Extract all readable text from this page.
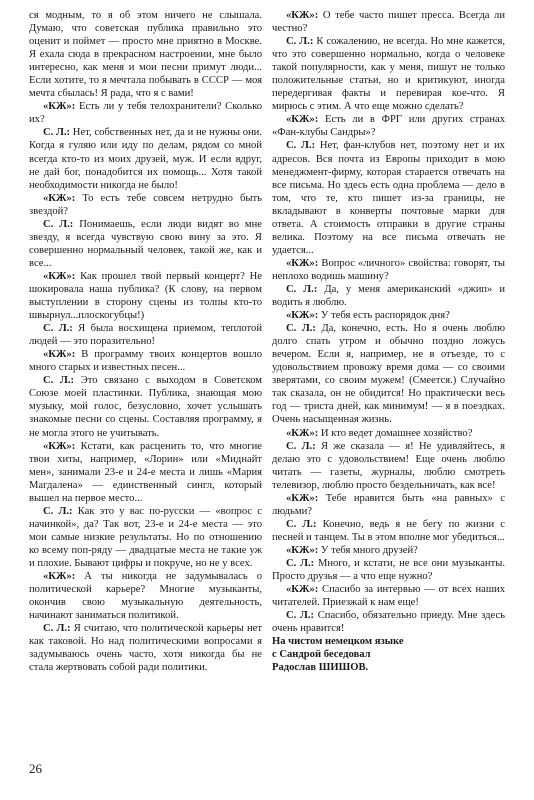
ся модным, то я об этом ничего не слышала. Думаю, что советская публика правильно это оценит и поймет — просто мне приятно в Москве. Я ехала сюда в прекрасном настроении, мне было интересно, как меня и мои песни примут люди... Если хотите, то я мечтала побывать в СССР — моя мечта сбылась! Я рада, что я с вами!

«КЖ»: Есть ли у тебя телохранители? Сколько их?

С. Л.: Нет, собственных нет, да и не нужны они. Когда я гуляю или иду по делам, рядом со мной всегда кто-то из моих друзей, муж. И если вдруг, не дай бог, понадобится их помощь... Хотя такой необходимости никогда не было!

«КЖ»: То есть тебе совсем нетрудно быть звездой?

С. Л.: Понимаешь, если люди видят во мне звезду, я всегда чувствую свою вину за это. Я совершенно нормальный человек, такой же, как и все...

«КЖ»: Как прошел твой первый концерт? Не шокировала наша публика? (К слову, на первом выступлении в сторону сцены из толпы кто-то швырнул...плоскогубцы!)

С. Л.: Я была восхищена приемом, теплотой людей — это поразительно!

«КЖ»: В программу твоих концертов вошло много старых и известных песен...

С. Л.: Это связано с выходом в Советском Союзе моей пластинки. Публика, знающая мою музыку, мой голос, безусловно, хочет услышать знакомые песни со сцены. Составляя программу, я не могла этого не учитывать.

«КЖ»: Кстати, как расценить то, что многие твои хиты, например, «Лорин» или «Миднайт мен», занимали 23-е и 24-е места и лишь «Мария Магдалена» — единственный сингл, который вышел на первое место...

С. Л.: Как это у вас по-русски — «вопрос с начинкой», да? Так вот, 23-е и 24-е места — это мои самые низкие результаты. Но по отношению ко всему поп-ряду — двадцатые места не такие уж и плохие. Бывают цифры и покруче, но не у всех.

«КЖ»: А ты никогда не задумывалась о политической карьере? Многие музыканты, окончив свою музыкальную деятельность, начинают заниматься политикой.

С. Л.: Я считаю, что политической карьеры нет как таковой. Но над политическими вопросами я задумываюсь очень часто, хотя никогда бы не стала жертвовать собой ради политики.

«КЖ»: О тебе часто пишет пресса. Всегда ли честно?

С. Л.: К сожалению, не всегда. Но мне кажется, что это совершенно нормально, когда о человеке такой популярности, как у меня, пишут не только положительные статьи, но и критикуют, иногда передергивая факты и перевирая кое-что. Я мирюсь с этим. А что еще можно сделать?

«КЖ»: Есть ли в ФРГ или других странах «Фан-клубы Сандры»?

С. Л.: Нет, фан-клубов нет, поэтому нет и их адресов. Вся почта из Европы приходит в мою менеджмент-фирму, которая старается отвечать на все письма. Но здесь есть одна проблема — дело в том, что те, кто пишет из-за границы, не вкладывают в конверты почтовые марки для ответа. А стоимость отправки в другие страны велика. Поэтому на все письма отвечать не удается...

«КЖ»: Вопрос «личного» свойства: говорят, ты неплохо водишь машину?

С. Л.: Да, у меня американский «джип» и водить я люблю.

«КЖ»: У тебя есть распорядок дня?

С. Л.: Да, конечно, есть. Но я очень люблю долго спать утром и обычно поздно ложусь вечером. Если я, например, не в отъезде, то с удовольствием провожу время дома — со своими зверятами, со своим мужем! (Смеется.) Случайно так сказала, он не обидится! Но практически весь год — триста дней, как минимум! — я в поездках. Очень насыщенная жизнь.

«КЖ»: И кто ведет домашнее хозяйство?

С. Л.: Я же сказала — я! Не удивляйтесь, я делаю это с удовольствием! Еще очень люблю читать — газеты, журналы, люблю смотреть телевизор, люблю просто бездельничать, как все!

«КЖ»: Тебе нравится быть «на равных» с людьми?

С. Л.: Конечно, ведь я не бегу по жизни с песней и танцем. Ты в этом вполне мог убедиться...

«КЖ»: У тебя много друзей?

С. Л.: Много, и кстати, не все они музыканты. Просто друзья — а что еще нужно?

«КЖ»: Спасибо за интервью — от всех наших читателей. Приезжай к нам еще!

С. Л.: Спасибо, обязательно приеду. Мне здесь очень нравится!

На чистом немецком языке

с Сандрой беседовал

Радослав ШИШОВ.

26
